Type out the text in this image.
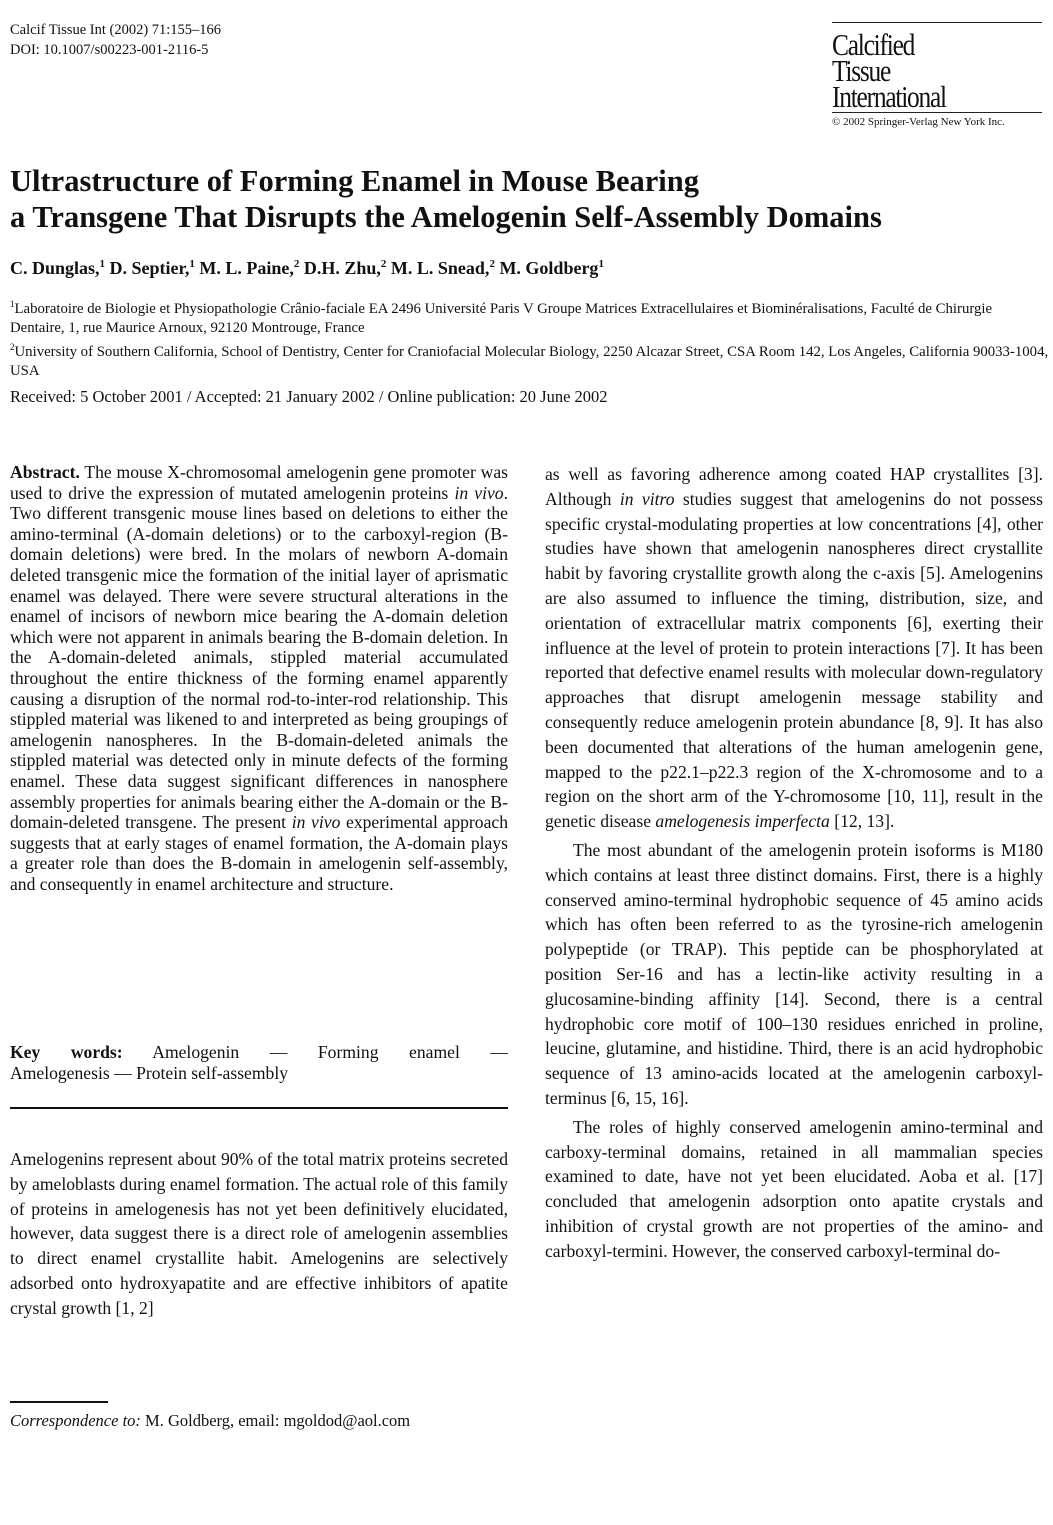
Calcif Tissue Int (2002) 71:155–166
DOI: 10.1007/s00223-001-2116-5	Calcified
Tissue
International
© 2002 Springer-Verlag New York Inc.
Ultrastructure of Forming Enamel in Mouse Bearing
a Transgene That Disrupts the Amelogenin Self-Assembly Domains
C. Dunglas,$^1$ D. Septier,$^1$ M. L. Paine,$^2$ D.H. Zhu,$^2$ M. L. Snead,$^2$ M. Goldberg$^1$
$^1$Laboratoire de Biologie et Physiopathologie Crânio-faciale EA 2496 Université Paris V Groupe Matrices Extracellulaires et Biominéralisations, Faculté de Chirurgie Dentaire, 1, rue Maurice Arnoux, 92120 Montrouge, France
$^2$University of Southern California, School of Dentistry, Center for Craniofacial Molecular Biology, 2250 Alcazar Street, CSA Room 142, Los Angeles, California 90033-1004, USA
Received: 5 October 2001 / Accepted: 21 January 2002 / Online publication: 20 June 2002
Abstract. The mouse X-chromosomal amelogenin gene promoter was used to drive the expression of mutated amelogenin proteins in vivo. Two different transgenic mouse lines based on deletions to either the amino-terminal (A-domain deletions) or to the carboxyl-region (B-domain deletions) were bred. In the molars of newborn A-domain deleted transgenic mice the formation of the initial layer of aprismatic enamel was delayed. There were severe structural alterations in the enamel of incisors of newborn mice bearing the A-domain deletion which were not apparent in animals bearing the B-domain deletion. In the A-domain-deleted animals, stippled material accumulated throughout the entire thickness of the forming enamel apparently causing a disruption of the normal rod-to-inter-rod relationship. This stippled material was likened to and interpreted as being groupings of amelogenin nanospheres. In the B-domain-deleted animals the stippled material was detected only in minute defects of the forming enamel. These data suggest significant differences in nanosphere assembly properties for animals bearing either the A-domain or the B-domain-deleted transgene. The present in vivo experimental approach suggests that at early stages of enamel formation, the A-domain plays a greater role than does the B-domain in amelogenin self-assembly, and consequently in enamel architecture and structure.
Key words: Amelogenin — Forming enamel —
Amelogenesis — Protein self-assembly
Amelogenins represent about 90% of the total matrix proteins secreted by ameloblasts during enamel formation. The actual role of this family of proteins in amelogenesis has not yet been definitively elucidated, however, data suggest there is a direct role of amelogenin assemblies to direct enamel crystallite habit. Amelogenins are selectively adsorbed onto hydroxyapatite and are effective inhibitors of apatite crystal growth [1, 2]
Correspondence to: M. Goldberg, email: mgoldod@aol.com

as well as favoring adherence among coated HAP crystallites [3]. Although in vitro studies suggest that amelogenins do not possess specific crystal-modulating properties at low concentrations [4], other studies have shown that amelogenin nanospheres direct crystallite habit by favoring crystallite growth along the c-axis [5]. Amelogenins are also assumed to influence the timing, distribution, size, and orientation of extracellular matrix components [6], exerting their influence at the level of protein to protein interactions [7]. It has been reported that defective enamel results with molecular down-regulatory approaches that disrupt amelogenin message stability and consequently reduce amelogenin protein abundance [8, 9]. It has also been documented that alterations of the human amelogenin gene, mapped to the p22.1–p22.3 region of the X-chromosome and to a region on the short arm of the Y-chromosome [10, 11], result in the genetic disease amelogenesis imperfecta [12, 13].

The most abundant of the amelogenin protein isoforms is M180 which contains at least three distinct domains. First, there is a highly conserved amino-terminal hydrophobic sequence of 45 amino acids which has often been referred to as the tyrosine-rich amelogenin polypeptide (or TRAP). This peptide can be phosphorylated at position Ser-16 and has a lectin-like activity resulting in a glucosamine-binding affinity [14]. Second, there is a central hydrophobic core motif of 100–130 residues enriched in proline, leucine, glutamine, and histidine. Third, there is an acid hydrophobic sequence of 13 amino-acids located at the amelogenin carboxyl-terminus [6, 15, 16].

The roles of highly conserved amelogenin amino-terminal and carboxy-terminal domains, retained in all mammalian species examined to date, have not yet been elucidated. Aoba et al. [17] concluded that amelogenin adsorption onto apatite crystals and inhibition of crystal growth are not properties of the amino- and carboxyl-termini. However, the conserved carboxyl-terminal do-
